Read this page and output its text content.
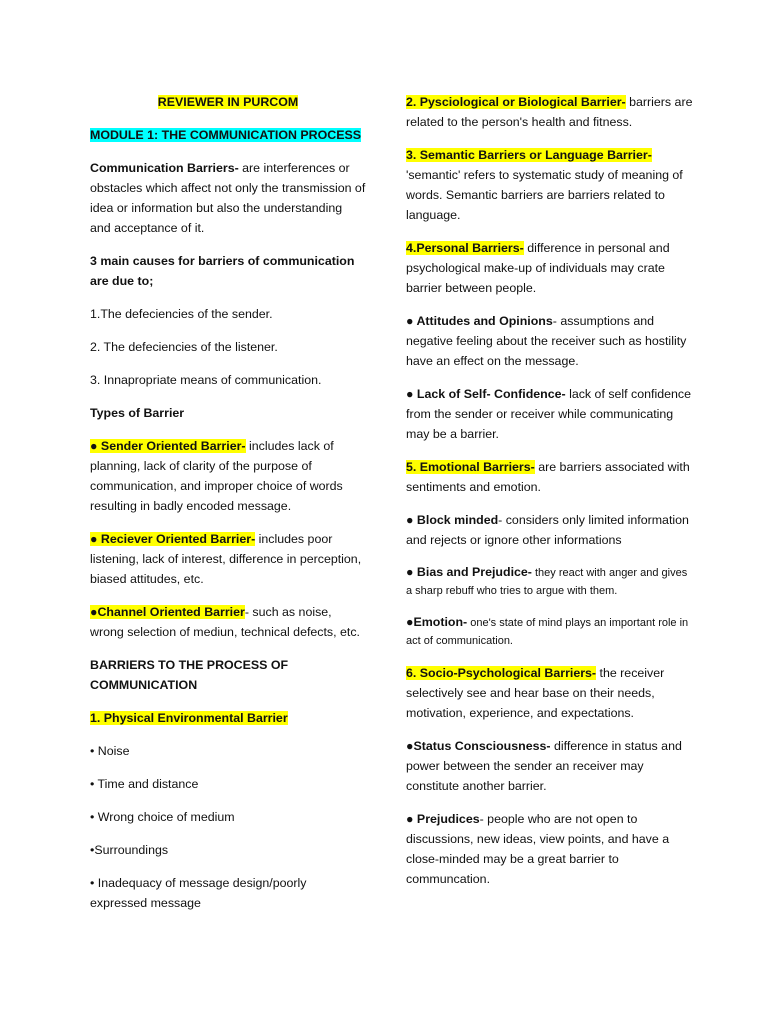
REVIEWER IN PURCOM

MODULE 1: THE COMMUNICATION PROCESS

Communication Barriers- are interferences or obstacles which affect not only the transmission of idea or information but also the understanding and acceptance of it.

3 main causes for barriers of communication are due to;

1.The defeciencies of the sender.

2. The defeciencies of the listener.

3. Innapropriate means of communication.

Types of Barrier

● Sender Oriented Barrier- includes lack of planning, lack of clarity of the purpose of communication, and improper choice of words resulting in badly encoded message.

● Reciever Oriented Barrier- includes poor listening, lack of interest, difference in perception, biased attitudes, etc.

●Channel Oriented Barrier- such as noise, wrong selection of mediun, technical defects, etc.

BARRIERS TO THE PROCESS OF COMMUNICATION

1. Physical Environmental Barrier

• Noise

• Time and distance

• Wrong choice of medium

•Surroundings

• Inadequacy of message design/poorly expressed message

2. Pysciological or Biological Barrier- barriers are related to the person's health and fitness.

3. Semantic Barriers or Language Barrier-'semantic' refers to systematic study of meaning of words. Semantic barriers are barriers related to language.

4.Personal Barriers- difference in personal and psychological make-up of individuals may crate barrier between people.

● Attitudes and Opinions- assumptions and negative feeling about the receiver such as hostility have an effect on the message.

● Lack of Self- Confidence- lack of self confidence from the sender or receiver while communicating may be a barrier.

5. Emotional Barriers- are barriers associated with sentiments and emotion.

● Block minded- considers only limited information and rejects or ignore other informations

● Bias and Prejudice- they react with anger and gives a sharp rebuff who tries to argue with them.

●Emotion- one's state of mind plays an important role in act of communication.

6. Socio-Psychological Barriers- the receiver selectively see and hear base on their needs, motivation, experience, and expectations.

●Status Consciousness- difference in status and power between the sender an receiver may constitute another barrier.

● Prejudices- people who are not open to discussions, new ideas, view points, and have a close-minded may be a great barrier to communcation.
